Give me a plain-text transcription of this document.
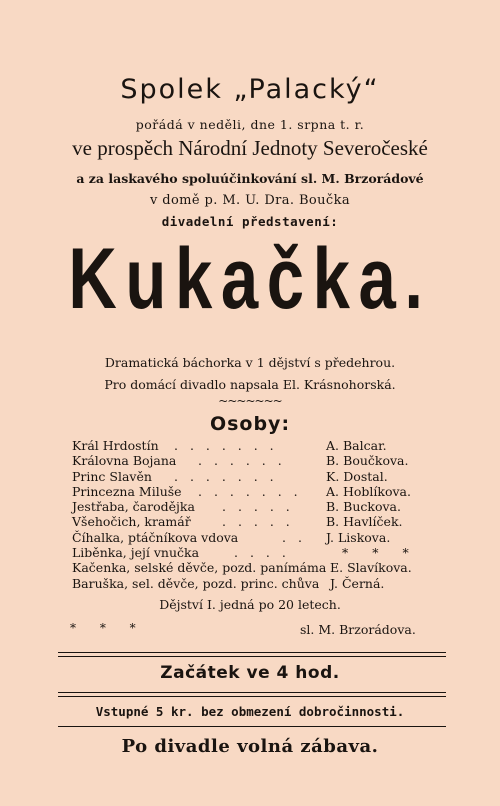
Spolek „Palacký“
pořádá v neděli, dne 1. srpna t. r.
ve prospěch Národní Jednoty Severočeské
a za laskavého spoluúčinkování sl. M. Brzorádové
v domě p. M. U. Dra. Boučka
divadelní představení:
Kukačka.
Dramatická báchorka v 1 dějství s předehrou.
Pro domácí divadlo napsala El. Krásnohorská.
~~~~~~~
Osoby:
Král Hrdostín . . . . . . .	A. Balcar.
Královna Bojana . . . . . .	B. Boučkova.
Princ Slavěn . . . . . . .	K. Dostal.
Princezna Miluše . . . . . . . A. Hoblíkova.
Jestřaba, čarodějka . . . . .	B. Buckova.
Všehočich, kramář	. . . . .	B. Havlíček.
Číhalka, ptáčníkova vdova	. . J. Liskova.
Liběnka, její vnučka	. . . .	* * *
Kačenka, selské děvče, pozd. panímáma E. Slavíkova.
Baruška, sel. děvče, pozd. princ. chůva J. Černá.
Dějství I. jedná po 20 letech.
* * *	sl. M. Brzorádova.
Začátek ve 4 hod.
Vstupné 5 kr. bez obmezení dobročinnosti.
Po divadle volná zábava.
